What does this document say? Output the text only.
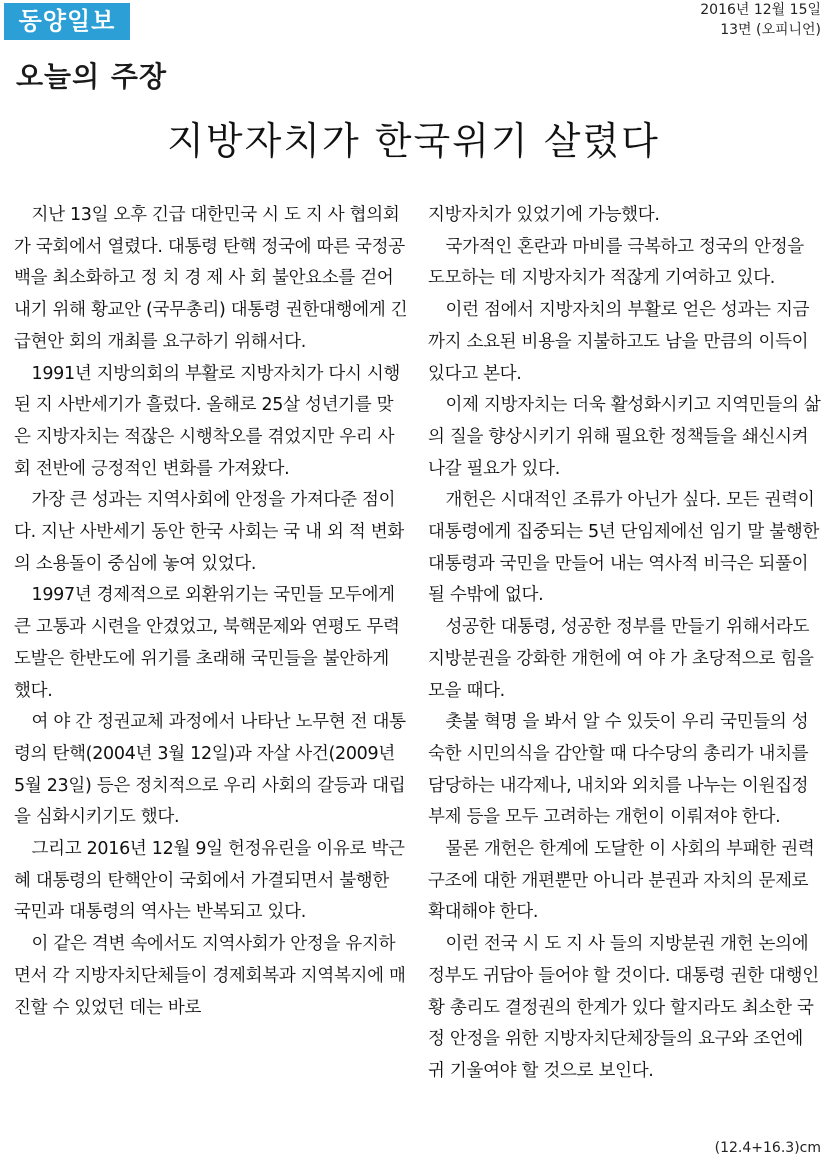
동양일보	2016년 12월 15일
13면 (오피니언)
오늘의 주장
지방자치가 한국위기 살렸다

지난 13일 오후 긴급 대한민국 시 도 지 사 협의회가 국회에서 열렸다. 대통령 탄핵 정국에 따른 국정공백을 최소화하고 정 치 경 제 사 회 불안요소를 걷어내기 위해 황교안 (국무총리) 대통령 권한대행에게 긴급현안 회의 개최를 요구하기 위해서다.

1991년 지방의회의 부활로 지방자치가 다시 시행된 지 사반세기가 흘렀다. 올해로 25살 성년기를 맞은 지방자치는 적잖은 시행착오를 겪었지만 우리 사회 전반에 긍정적인 변화를 가져왔다.

가장 큰 성과는 지역사회에 안정을 가져다준 점이다. 지난 사반세기 동안 한국 사회는 국 내 외 적 변화의 소용돌이 중심에 놓여 있었다.

1997년 경제적으로 외환위기는 국민들 모두에게 큰 고통과 시련을 안겼었고, 북핵문제와 연평도 무력도발은 한반도에 위기를 초래해 국민들을 불안하게 했다.

여 야 간 정권교체 과정에서 나타난 노무현 전 대통령의 탄핵(2004년 3월 12일)과 자살 사건(2009년 5월 23일) 등은 정치적으로 우리 사회의 갈등과 대립을 심화시키기도 했다.

그리고 2016년 12월 9일 헌정유린을 이유로 박근혜 대통령의 탄핵안이 국회에서 가결되면서 불행한 국민과 대통령의 역사는 반복되고 있다.

이 같은 격변 속에서도 지역사회가 안정을 유지하면서 각 지방자치단체들이 경제회복과 지역복지에 매진할 수 있었던 데는 바로

지방자치가 있었기에 가능했다.

국가적인 혼란과 마비를 극복하고 정국의 안정을 도모하는 데 지방자치가 적잖게 기여하고 있다.

이런 점에서 지방자치의 부활로 얻은 성과는 지금까지 소요된 비용을 지불하고도 남을 만큼의 이득이 있다고 본다.

이제 지방자치는 더욱 활성화시키고 지역민들의 삶의 질을 향상시키기 위해 필요한 정책들을 쇄신시켜 나갈 필요가 있다.

개헌은 시대적인 조류가 아닌가 싶다. 모든 권력이 대통령에게 집중되는 5년 단임제에선 임기 말 불행한 대통령과 국민을 만들어 내는 역사적 비극은 되풀이 될 수밖에 없다.

성공한 대통령, 성공한 정부를 만들기 위해서라도 지방분권을 강화한 개헌에 여 야 가 초당적으로 힘을 모을 때다.

촛불 혁명 을 봐서 알 수 있듯이 우리 국민들의 성숙한 시민의식을 감안할 때 다수당의 총리가 내치를 담당하는 내각제나, 내치와 외치를 나누는 이원집정부제 등을 모두 고려하는 개헌이 이뤄져야 한다.

물론 개헌은 한계에 도달한 이 사회의 부패한 권력구조에 대한 개편뿐만 아니라 분권과 자치의 문제로 확대해야 한다.

이런 전국 시 도 지 사 들의 지방분권 개헌 논의에 정부도 귀담아 들어야 할 것이다. 대통령 권한 대행인 황 총리도 결정권의 한계가 있다 할지라도 최소한 국정 안정을 위한 지방자치단체장들의 요구와 조언에 귀 기울여야 할 것으로 보인다.

(12.4+16.3)cm
